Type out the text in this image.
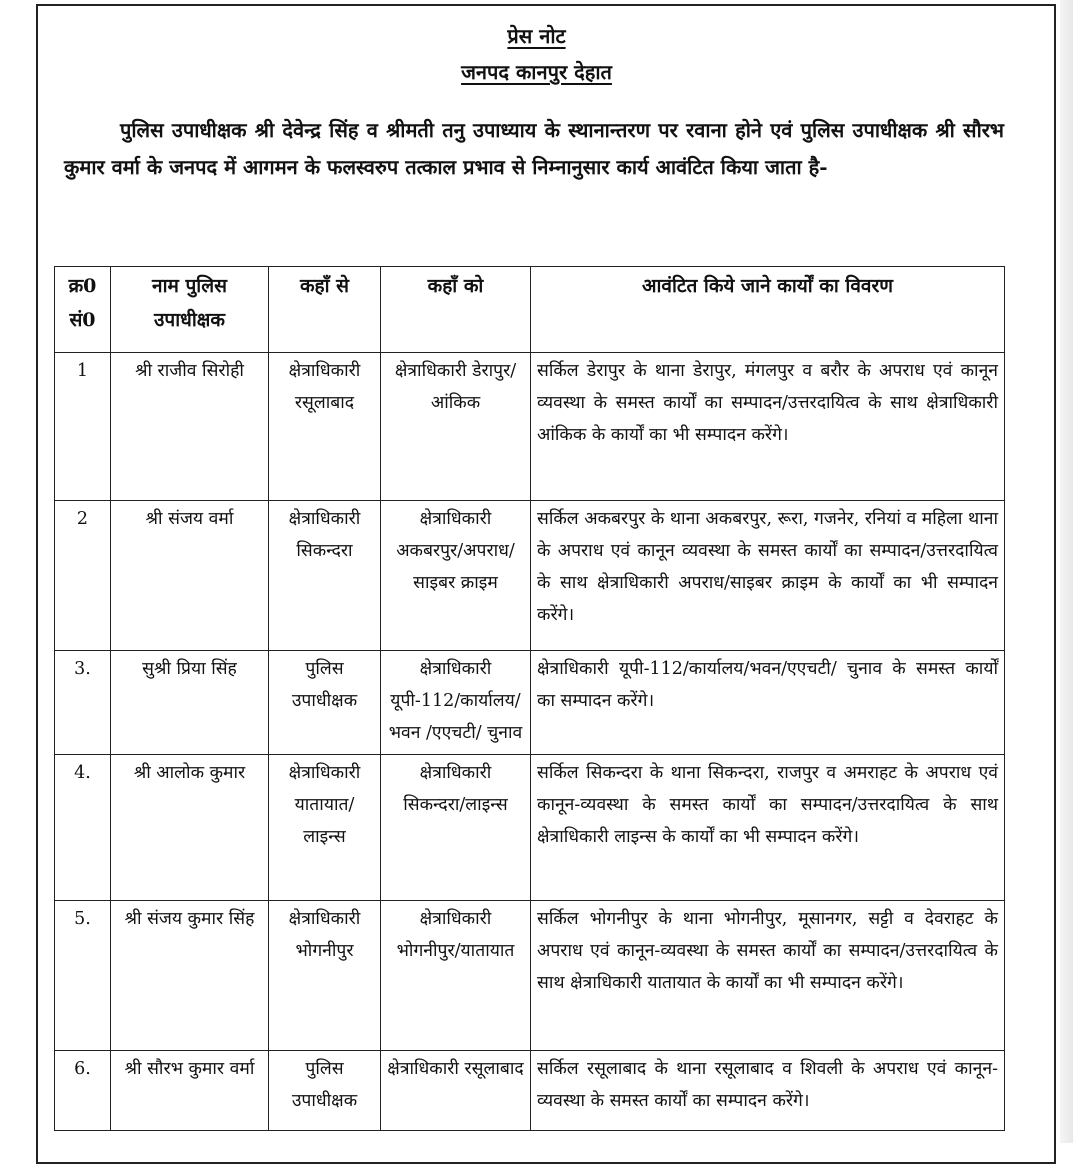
प्रेस नोट
जनपद कानपुर देहात

पुलिस उपाधीक्षक श्री देवेन्द्र सिंह व श्रीमती तनु उपाध्याय के स्थानान्तरण पर रवाना होने एवं पुलिस उपाधीक्षक श्री सौरभ कुमार वर्मा के जनपद में आगमन के फलस्वरुप तत्काल प्रभाव से निम्नानुसार कार्य आवंटित किया जाता है-

क्र0 सं0	नाम पुलिस उपाधीक्षक	कहाँ से	कहाँ को	आवंटित किये जाने कार्यों का विवरण
1	श्री राजीव सिरोही	क्षेत्राधिकारी रसूलाबाद	क्षेत्राधिकारी डेरापुर/आंकिक	सर्किल डेरापुर के थाना डेरापुर, मंगलपुर व बरौर के अपराध एवं कानून व्यवस्था के समस्त कार्यों का सम्पादन/उत्तरदायित्व के साथ क्षेत्राधिकारी आंकिक के कार्यों का भी सम्पादन करेंगे।
2	श्री संजय वर्मा	क्षेत्राधिकारी सिकन्दरा	क्षेत्राधिकारी अकबरपुर/अपराध/ साइबर क्राइम	सर्किल अकबरपुर के थाना अकबरपुर, रूरा, गजनेर, रनियां व महिला थाना के अपराध एवं कानून व्यवस्था के समस्त कार्यों का सम्पादन/उत्तरदायित्व के साथ क्षेत्राधिकारी अपराध/साइबर क्राइम के कार्यों का भी सम्पादन करेंगे।
3.	सुश्री प्रिया सिंह	पुलिस उपाधीक्षक	क्षेत्राधिकारी यूपी-112/कार्यालय/भवन /एएचटी/ चुनाव	क्षेत्राधिकारी यूपी-112/कार्यालय/भवन/एएचटी/ चुनाव के समस्त कार्यों का सम्पादन करेंगे।
4.	श्री आलोक कुमार	क्षेत्राधिकारी यातायात/ लाइन्स	क्षेत्राधिकारी सिकन्दरा/लाइन्स	सर्किल सिकन्दरा के थाना सिकन्दरा, राजपुर व अमराहट के अपराध एवं कानून-व्यवस्था के समस्त कार्यों का सम्पादन/उत्तरदायित्व के साथ क्षेत्राधिकारी लाइन्स के कार्यों का भी सम्पादन करेंगे।
5.	श्री संजय कुमार सिंह	क्षेत्राधिकारी भोगनीपुर	क्षेत्राधिकारी भोगनीपुर/यातायात	सर्किल भोगनीपुर के थाना भोगनीपुर, मूसानगर, सट्टी व देवराहट के अपराध एवं कानून-व्यवस्था के समस्त कार्यों का सम्पादन/उत्तरदायित्व के साथ क्षेत्राधिकारी यातायात के कार्यों का भी सम्पादन करेंगे।
6.	श्री सौरभ कुमार वर्मा	पुलिस उपाधीक्षक	क्षेत्राधिकारी रसूलाबाद	सर्किल रसूलाबाद के थाना रसूलाबाद व शिवली के अपराध एवं कानून-व्यवस्था के समस्त कार्यों का सम्पादन करेंगे।
